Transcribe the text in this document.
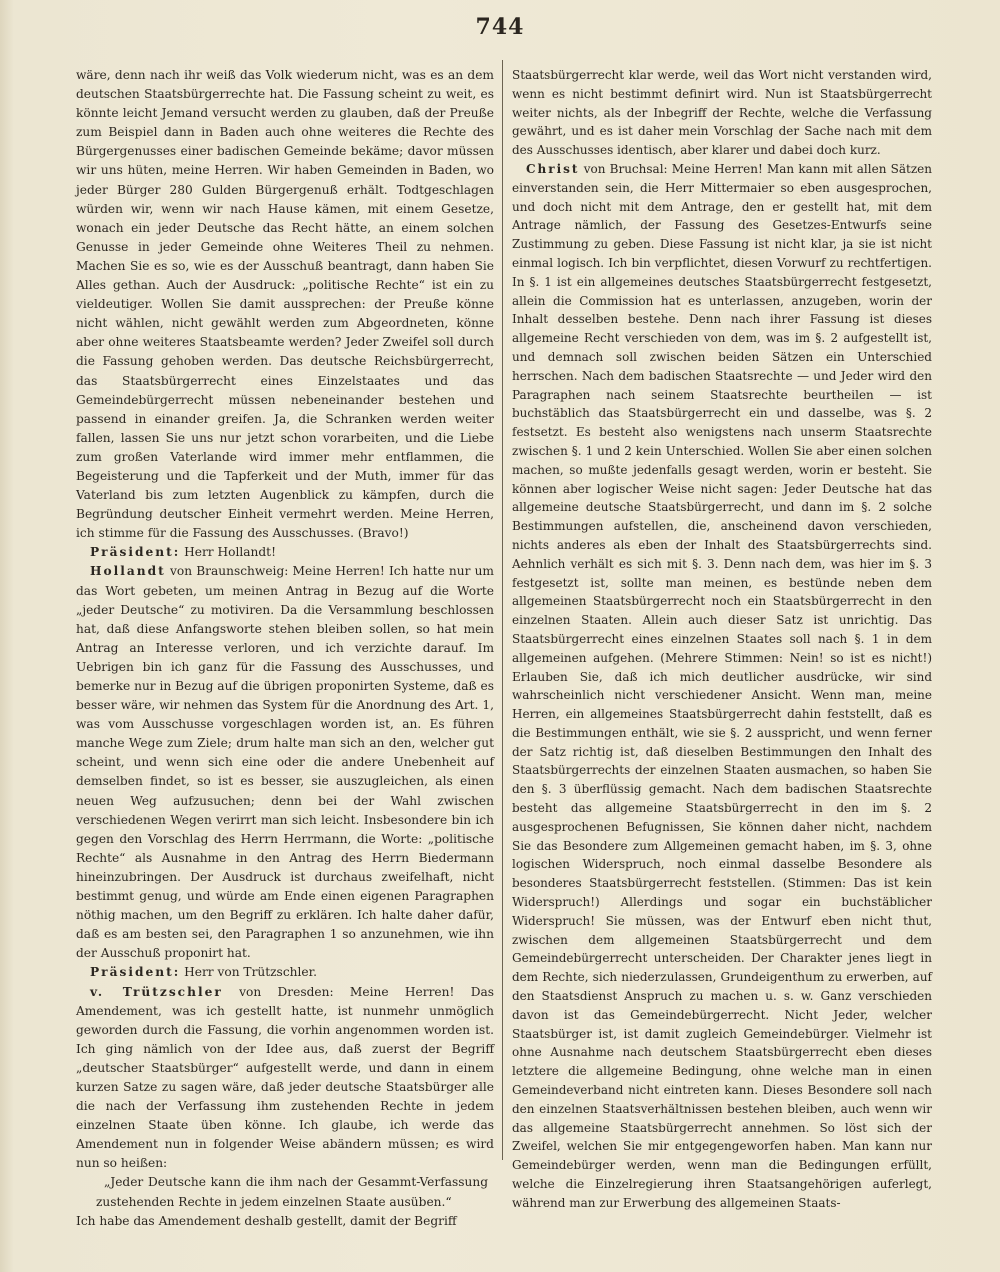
744

wäre, denn nach ihr weiß das Volk wiederum nicht, was es an dem deutschen Staatsbürgerrechte hat. Die Fassung scheint zu weit, es könnte leicht Jemand versucht werden zu glauben, daß der Preuße zum Beispiel dann in Baden auch ohne weiteres die Rechte des Bürgergenusses einer badischen Gemeinde bekäme; davor müssen wir uns hüten, meine Herren. Wir haben Gemeinden in Baden, wo jeder Bürger 280 Gulden Bürgergenuß erhält. Todtgeschlagen würden wir, wenn wir nach Hause kämen, mit einem Gesetze, wonach ein jeder Deutsche das Recht hätte, an einem solchen Genusse in jeder Gemeinde ohne Weiteres Theil zu nehmen. Machen Sie es so, wie es der Ausschuß beantragt, dann haben Sie Alles gethan. Auch der Ausdruck: „politische Rechte“ ist ein zu vieldeutiger. Wollen Sie damit aussprechen: der Preuße könne nicht wählen, nicht gewählt werden zum Abgeordneten, könne aber ohne weiteres Staatsbeamte werden? Jeder Zweifel soll durch die Fassung gehoben werden. Das deutsche Reichsbürgerrecht, das Staatsbürgerrecht eines Einzelstaates und das Gemeindebürgerrecht müssen nebeneinander bestehen und passend in einander greifen. Ja, die Schranken werden weiter fallen, lassen Sie uns nur jetzt schon vorarbeiten, und die Liebe zum großen Vaterlande wird immer mehr entflammen, die Begeisterung und die Tapferkeit und der Muth, immer für das Vaterland bis zum letzten Augenblick zu kämpfen, durch die Begründung deutscher Einheit vermehrt werden. Meine Herren, ich stimme für die Fassung des Ausschusses. (Bravo!)

Präsident: Herr Hollandt!

Hollandt von Braunschweig: Meine Herren! Ich hatte nur um das Wort gebeten, um meinen Antrag in Bezug auf die Worte „jeder Deutsche“ zu motiviren. Da die Versammlung beschlossen hat, daß diese Anfangsworte stehen bleiben sollen, so hat mein Antrag an Interesse verloren, und ich verzichte darauf. Im Uebrigen bin ich ganz für die Fassung des Ausschusses, und bemerke nur in Bezug auf die übrigen proponirten Systeme, daß es besser wäre, wir nehmen das System für die Anordnung des Art. 1, was vom Ausschusse vorgeschlagen worden ist, an. Es führen manche Wege zum Ziele; drum halte man sich an den, welcher gut scheint, und wenn sich eine oder die andere Unebenheit auf demselben findet, so ist es besser, sie auszugleichen, als einen neuen Weg aufzusuchen; denn bei der Wahl zwischen verschiedenen Wegen verirrt man sich leicht. Insbesondere bin ich gegen den Vorschlag des Herrn Herrmann, die Worte: „politische Rechte“ als Ausnahme in den Antrag des Herrn Biedermann hineinzubringen. Der Ausdruck ist durchaus zweifelhaft, nicht bestimmt genug, und würde am Ende einen eigenen Paragraphen nöthig machen, um den Begriff zu erklären. Ich halte daher dafür, daß es am besten sei, den Paragraphen 1 so anzunehmen, wie ihn der Ausschuß proponirt hat.

Präsident: Herr von Trützschler.

v. Trützschler von Dresden: Meine Herren! Das Amendement, was ich gestellt hatte, ist nunmehr unmöglich geworden durch die Fassung, die vorhin angenommen worden ist. Ich ging nämlich von der Idee aus, daß zuerst der Begriff „deutscher Staatsbürger“ aufgestellt werde, und dann in einem kurzen Satze zu sagen wäre, daß jeder deutsche Staatsbürger alle die nach der Verfassung ihm zustehenden Rechte in jedem einzelnen Staate üben könne. Ich glaube, ich werde das Amendement nun in folgender Weise abändern müssen; es wird nun so heißen:

„Jeder Deutsche kann die ihm nach der Gesammt-Verfassung zustehenden Rechte in jedem einzelnen Staate ausüben.“

Ich habe das Amendement deshalb gestellt, damit der Begriff

Staatsbürgerrecht klar werde, weil das Wort nicht verstanden wird, wenn es nicht bestimmt definirt wird. Nun ist Staatsbürgerrecht weiter nichts, als der Inbegriff der Rechte, welche die Verfassung gewährt, und es ist daher mein Vorschlag der Sache nach mit dem des Ausschusses identisch, aber klarer und dabei doch kurz.

Christ von Bruchsal: Meine Herren! Man kann mit allen Sätzen einverstanden sein, die Herr Mittermaier so eben ausgesprochen, und doch nicht mit dem Antrage, den er gestellt hat, mit dem Antrage nämlich, der Fassung des Gesetzes-Entwurfs seine Zustimmung zu geben. Diese Fassung ist nicht klar, ja sie ist nicht einmal logisch. Ich bin verpflichtet, diesen Vorwurf zu rechtfertigen. In §. 1 ist ein allgemeines deutsches Staatsbürgerrecht festgesetzt, allein die Commission hat es unterlassen, anzugeben, worin der Inhalt desselben bestehe. Denn nach ihrer Fassung ist dieses allgemeine Recht verschieden von dem, was im §. 2 aufgestellt ist, und demnach soll zwischen beiden Sätzen ein Unterschied herrschen. Nach dem badischen Staatsrechte — und Jeder wird den Paragraphen nach seinem Staatsrechte beurtheilen — ist buchstäblich das Staatsbürgerrecht ein und dasselbe, was §. 2 festsetzt. Es besteht also wenigstens nach unserm Staatsrechte zwischen §. 1 und 2 kein Unterschied. Wollen Sie aber einen solchen machen, so mußte jedenfalls gesagt werden, worin er besteht. Sie können aber logischer Weise nicht sagen: Jeder Deutsche hat das allgemeine deutsche Staatsbürgerrecht, und dann im §. 2 solche Bestimmungen aufstellen, die, anscheinend davon verschieden, nichts anderes als eben der Inhalt des Staatsbürgerrechts sind. Aehnlich verhält es sich mit §. 3. Denn nach dem, was hier im §. 3 festgesetzt ist, sollte man meinen, es bestünde neben dem allgemeinen Staatsbürgerrecht noch ein Staatsbürgerrecht in den einzelnen Staaten. Allein auch dieser Satz ist unrichtig. Das Staatsbürgerrecht eines einzelnen Staates soll nach §. 1 in dem allgemeinen aufgehen. (Mehrere Stimmen: Nein! so ist es nicht!) Erlauben Sie, daß ich mich deutlicher ausdrücke, wir sind wahrscheinlich nicht verschiedener Ansicht. Wenn man, meine Herren, ein allgemeines Staatsbürgerrecht dahin feststellt, daß es die Bestimmungen enthält, wie sie §. 2 ausspricht, und wenn ferner der Satz richtig ist, daß dieselben Bestimmungen den Inhalt des Staatsbürgerrechts der einzelnen Staaten ausmachen, so haben Sie den §. 3 überflüssig gemacht. Nach dem badischen Staatsrechte besteht das allgemeine Staatsbürgerrecht in den im §. 2 ausgesprochenen Befugnissen, Sie können daher nicht, nachdem Sie das Besondere zum Allgemeinen gemacht haben, im §. 3, ohne logischen Widerspruch, noch einmal dasselbe Besondere als besonderes Staatsbürgerrecht feststellen. (Stimmen: Das ist kein Widerspruch!) Allerdings und sogar ein buchstäblicher Widerspruch! Sie müssen, was der Entwurf eben nicht thut, zwischen dem allgemeinen Staatsbürgerrecht und dem Gemeindebürgerrecht unterscheiden. Der Charakter jenes liegt in dem Rechte, sich niederzulassen, Grundeigenthum zu erwerben, auf den Staatsdienst Anspruch zu machen u. s. w. Ganz verschieden davon ist das Gemeindebürgerrecht. Nicht Jeder, welcher Staatsbürger ist, ist damit zugleich Gemeindebürger. Vielmehr ist ohne Ausnahme nach deutschem Staatsbürgerrecht eben dieses letztere die allgemeine Bedingung, ohne welche man in einen Gemeindeverband nicht eintreten kann. Dieses Besondere soll nach den einzelnen Staatsverhältnissen bestehen bleiben, auch wenn wir das allgemeine Staatsbürgerrecht annehmen. So löst sich der Zweifel, welchen Sie mir entgegengeworfen haben. Man kann nur Gemeindebürger werden, wenn man die Bedingungen erfüllt, welche die Einzelregierung ihren Staatsangehörigen auferlegt, während man zur Erwerbung des allgemeinen Staats-
